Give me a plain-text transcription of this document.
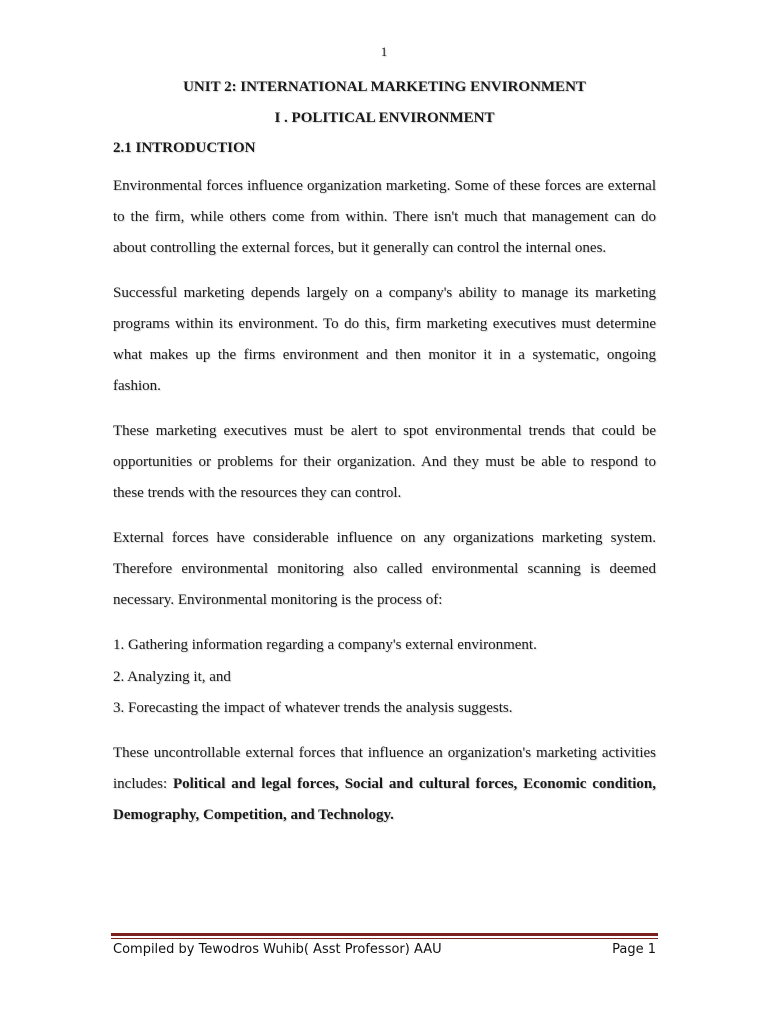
1
UNIT 2: INTERNATIONAL MARKETING ENVIRONMENT
I . POLITICAL ENVIRONMENT
2.1 INTRODUCTION

Environmental forces influence organization marketing. Some of these forces are external to the firm, while others come from within. There isn't much that management can do about controlling the external forces, but it generally can control the internal ones.

Successful marketing depends largely on a company's ability to manage its marketing programs within its environment. To do this, firm marketing executives must determine what makes up the firms environment and then monitor it in a systematic, ongoing fashion.

These marketing executives must be alert to spot environmental trends that could be opportunities or problems for their organization. And they must be able to respond to these trends with the resources they can control.

External forces have considerable influence on any organizations marketing system. Therefore environmental monitoring also called environmental scanning is deemed necessary. Environmental monitoring is the process of:

1. Gathering information regarding a company's external environment.
2. Analyzing it, and
3. Forecasting the impact of whatever trends the analysis suggests.

These uncontrollable external forces that influence an organization's marketing activities includes: Political and legal forces, Social and cultural forces, Economic condition, Demography, Competition, and Technology.

Compiled by Tewodros Wuhib( Asst Professor) AAU	Page 1
